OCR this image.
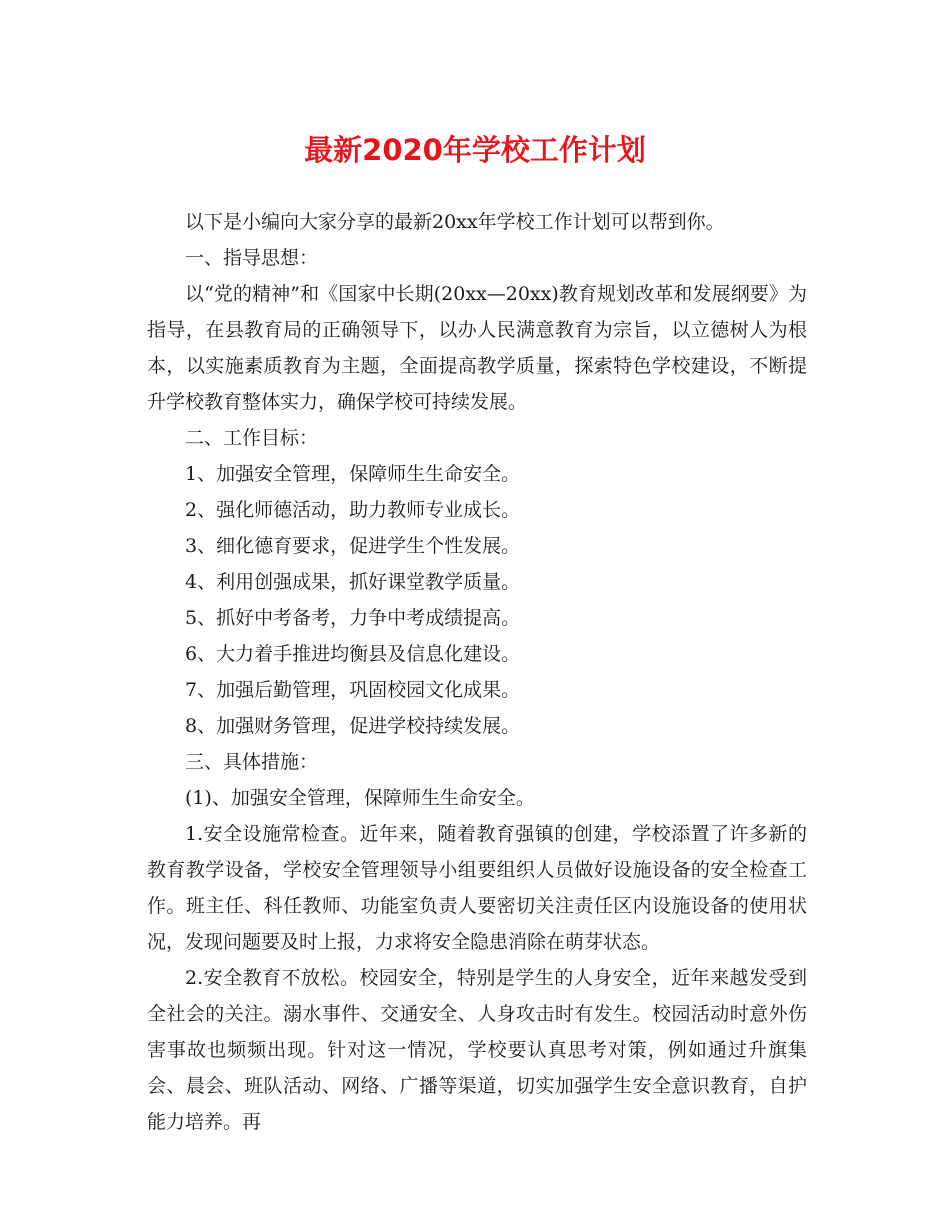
最新2020年学校工作计划

以下是小编向大家分享的最新20xx年学校工作计划可以帮到你。

一、指导思想：

以“党的精神”和《国家中长期(20xx—20xx)教育规划改革和发展纲要》为指导，在县教育局的正确领导下，以办人民满意教育为宗旨，以立德树人为根本，以实施素质教育为主题，全面提高教学质量，探索特色学校建设，不断提升学校教育整体实力，确保学校可持续发展。

二、工作目标：

1、加强安全管理，保障师生生命安全。

2、强化师德活动，助力教师专业成长。

3、细化德育要求，促进学生个性发展。

4、利用创强成果，抓好课堂教学质量。

5、抓好中考备考，力争中考成绩提高。

6、大力着手推进均衡县及信息化建设。

7、加强后勤管理，巩固校园文化成果。

8、加强财务管理，促进学校持续发展。

三、具体措施：

(1)、加强安全管理，保障师生生命安全。

1.安全设施常检查。近年来，随着教育强镇的创建，学校添置了许多新的教育教学设备，学校安全管理领导小组要组织人员做好设施设备的安全检查工作。班主任、科任教师、功能室负责人要密切关注责任区内设施设备的使用状况，发现问题要及时上报，力求将安全隐患消除在萌芽状态。

2.安全教育不放松。校园安全，特别是学生的人身安全，近年来越发受到全社会的关注。溺水事件、交通安全、人身攻击时有发生。校园活动时意外伤害事故也频频出现。针对这一情况，学校要认真思考对策，例如通过升旗集会、晨会、班队活动、网络、广播等渠道，切实加强学生安全意识教育，自护能力培养。再
